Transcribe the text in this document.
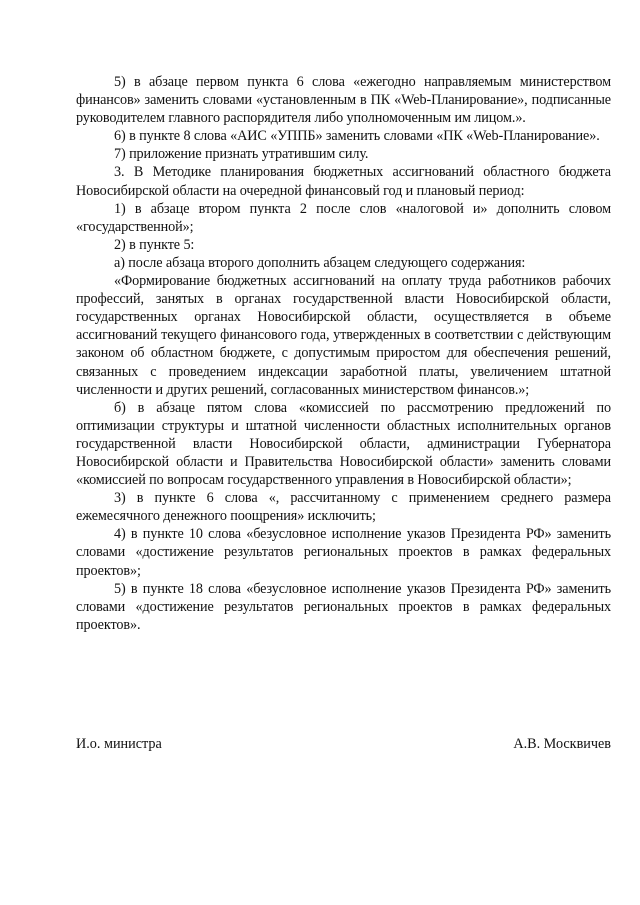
5) в абзаце первом пункта 6 слова «ежегодно направляемым министерством финансов» заменить словами «установленным в ПК «Web-Планирование», подписанные руководителем главного распорядителя либо уполномоченным им лицом.».

6) в пункте 8 слова «АИС «УППБ» заменить словами «ПК «Web-Планирование».

7) приложение признать утратившим силу.

3. В Методике планирования бюджетных ассигнований областного бюджета Новосибирской области на очередной финансовый год и плановый период:

1) в абзаце втором пункта 2 после слов «налоговой и» дополнить словом «государственной»;

2) в пункте 5:

а) после абзаца второго дополнить абзацем следующего содержания:

«Формирование бюджетных ассигнований на оплату труда работников рабочих профессий, занятых в органах государственной власти Новосибирской области, государственных органах Новосибирской области, осуществляется в объеме ассигнований текущего финансового года, утвержденных в соответствии с действующим законом об областном бюджете, с допустимым приростом для обеспечения решений, связанных с проведением индексации заработной платы, увеличением штатной численности и других решений, согласованных министерством финансов.»;

б) в абзаце пятом слова «комиссией по рассмотрению предложений по оптимизации структуры и штатной численности областных исполнительных органов государственной власти Новосибирской области, администрации Губернатора Новосибирской области и Правительства Новосибирской области» заменить словами «комиссией по вопросам государственного управления в Новосибирской области»;

3) в пункте 6 слова «, рассчитанному с применением среднего размера ежемесячного денежного поощрения» исключить;

4) в пункте 10 слова «безусловное исполнение указов Президента РФ» заменить словами «достижение результатов региональных проектов в рамках федеральных проектов»;

5) в пункте 18 слова «безусловное исполнение указов Президента РФ» заменить словами «достижение результатов региональных проектов в рамках федеральных проектов».

И.о. министра	А.В. Москвичев
